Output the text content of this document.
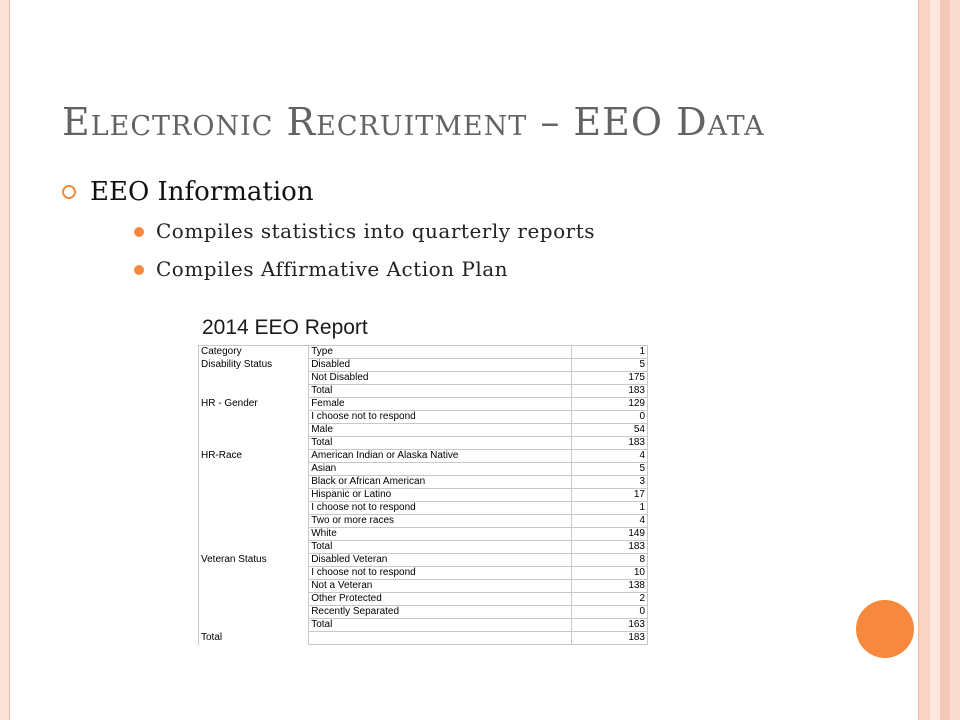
Electronic Recruitment – EEO Data
EEO Information
Compiles statistics into quarterly reports
Compiles Affirmative Action Plan
2014 EEO Report
Category	Type	1
Disability Status	Disabled	5
	Not Disabled	175
	Total	183
HR - Gender	Female	129
	I choose not to respond	0
	Male	54
	Total	183
HR-Race	American Indian or Alaska Native	4
	Asian	5
	Black or African American	3
	Hispanic or Latino	17
	I choose not to respond	1
	Two or more races	4
	White	149
	Total	183
Veteran Status	Disabled Veteran	8
	I choose not to respond	10
	Not a Veteran	138
	Other Protected	2
	Recently Separated	0
	Total	163
Total		183
